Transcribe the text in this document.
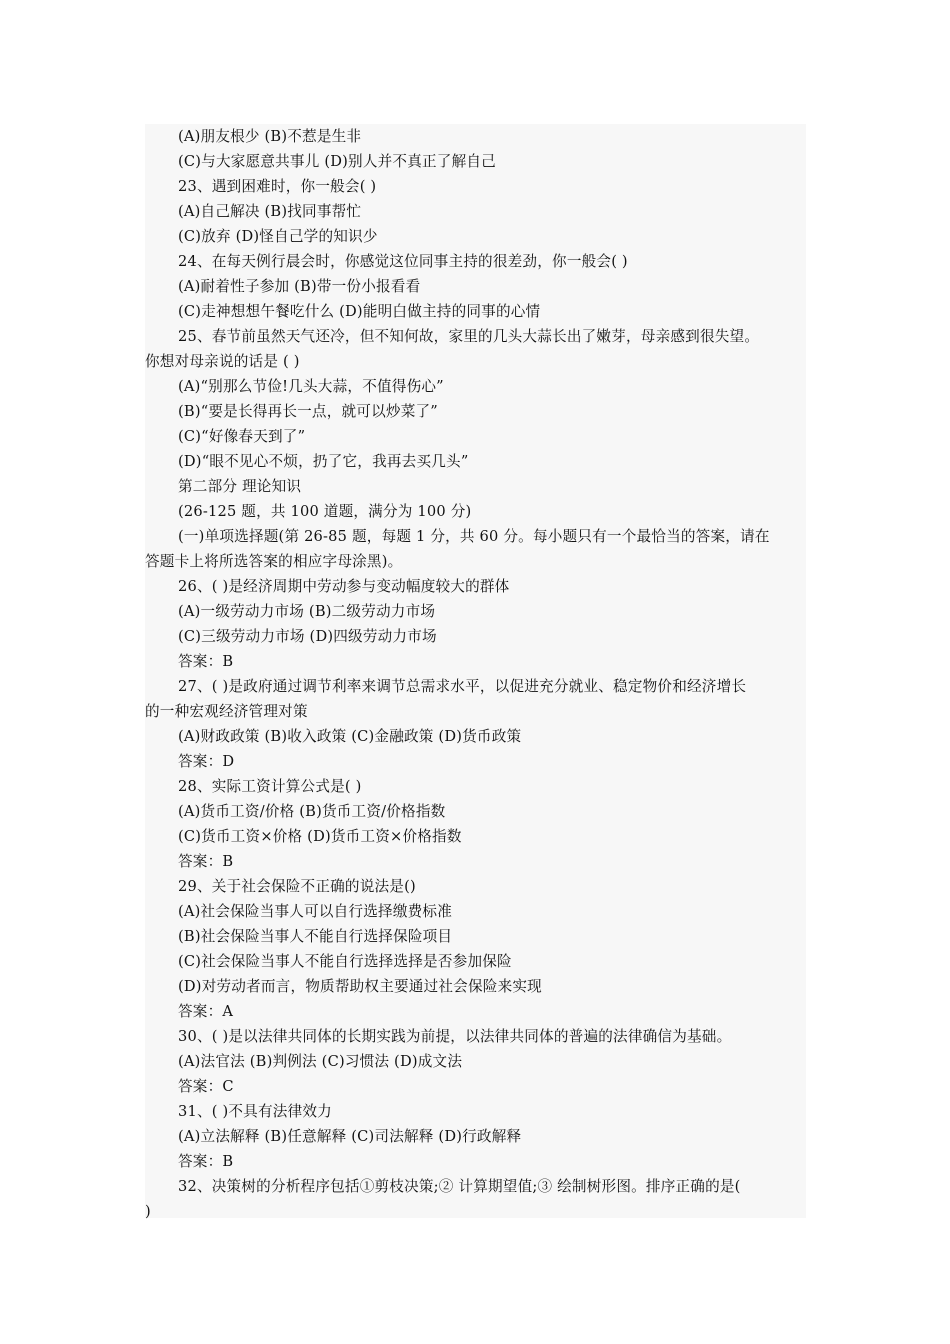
(A)朋友根少 (B)不惹是生非
(C)与大家愿意共事儿 (D)别人并不真正了解自己
23、遇到困难时，你一般会( )
(A)自己解决 (B)找同事帮忙
(C)放弃 (D)怪自己学的知识少
24、在每天例行晨会时，你感觉这位同事主持的很差劲，你一般会( )
(A)耐着性子参加 (B)带一份小报看看
(C)走神想想午餐吃什么 (D)能明白做主持的同事的心情
25、春节前虽然天气还冷，但不知何故，家里的几头大蒜长出了嫩芽，母亲感到很失望。
你想对母亲说的话是 ( )
(A)“别那么节俭!几头大蒜，不值得伤心”
(B)“要是长得再长一点，就可以炒菜了”
(C)“好像春天到了”
(D)“眼不见心不烦，扔了它，我再去买几头”
第二部分 理论知识
(26-125 题，共 100 道题，满分为 100 分)
(一)单项选择题(第 26-85 题，每题 1 分，共 60 分。每小题只有一个最恰当的答案，请在
答题卡上将所选答案的相应字母涂黑)。
26、( )是经济周期中劳动参与变动幅度较大的群体
(A)一级劳动力市场 (B)二级劳动力市场
(C)三级劳动力市场 (D)四级劳动力市场
答案：B
27、( )是政府通过调节利率来调节总需求水平，以促进充分就业、稳定物价和经济增长
的一种宏观经济管理对策
(A)财政政策 (B)收入政策 (C)金融政策 (D)货币政策
答案：D
28、实际工资计算公式是( )
(A)货币工资/价格 (B)货币工资/价格指数
(C)货币工资×价格 (D)货币工资×价格指数
答案：B
29、关于社会保险不正确的说法是()
(A)社会保险当事人可以自行选择缴费标准
(B)社会保险当事人不能自行选择保险项目
(C)社会保险当事人不能自行选择选择是否参加保险
(D)对劳动者而言，物质帮助权主要通过社会保险来实现
答案：A
30、( )是以法律共同体的长期实践为前提，以法律共同体的普遍的法律确信为基础。
(A)法官法 (B)判例法 (C)习惯法 (D)成文法
答案：C
31、( )不具有法律效力
(A)立法解释 (B)任意解释 (C)司法解释 (D)行政解释
答案：B
32、决策树的分析程序包括①剪枝决策;② 计算期望值;③ 绘制树形图。排序正确的是(
)
